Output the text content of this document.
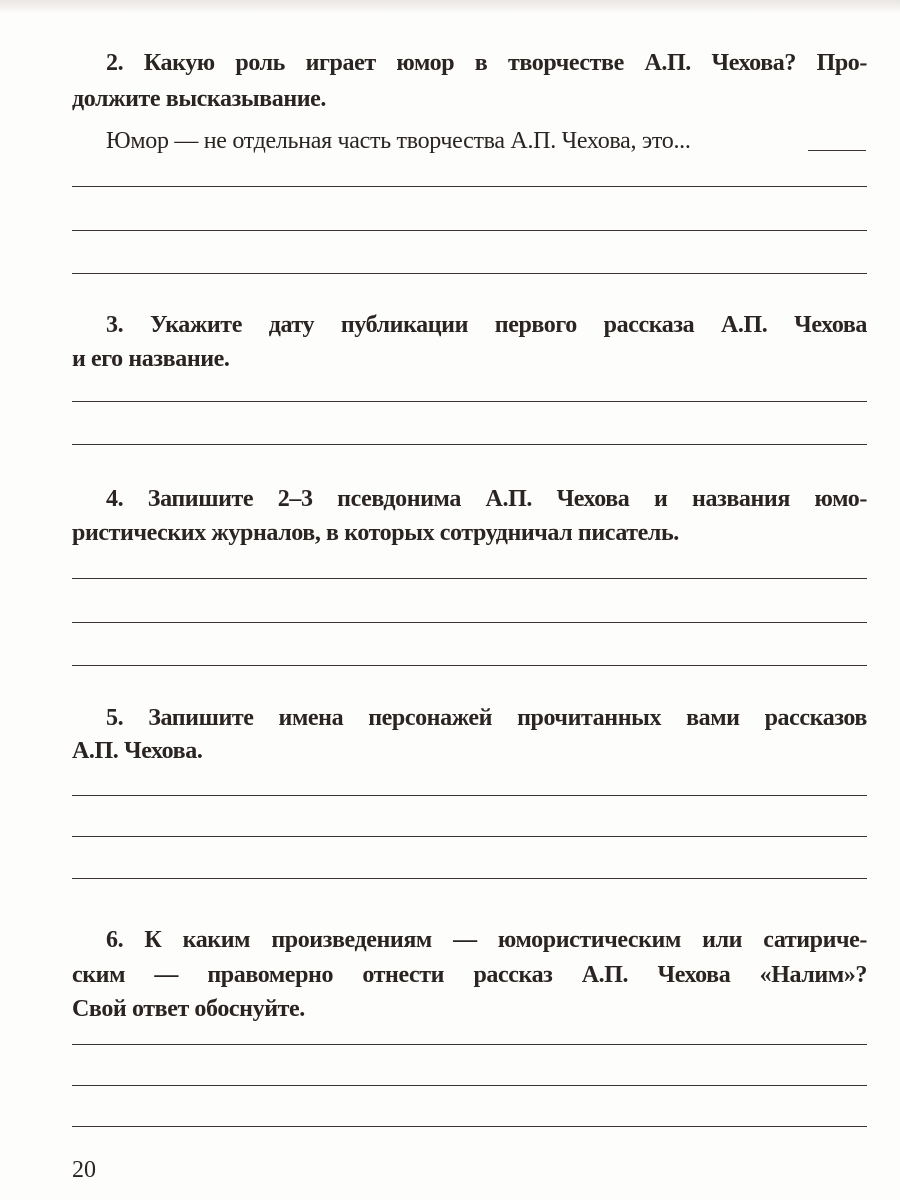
2. Какую роль играет юмор в творчестве А.П. Чехова? Про-
должите высказывание.
Юмор — не отдельная часть творчества А.П. Чехова, это...
3. Укажите дату публикации первого рассказа А.П. Чехова
и его название.
4. Запишите 2–3 псевдонима А.П. Чехова и названия юмо-
ристических журналов, в которых сотрудничал писатель.
5. Запишите имена персонажей прочитанных вами рассказов
А.П. Чехова.
6. К каким произведениям — юмористическим или сатириче-
ским — правомерно отнести рассказ А.П. Чехова «Налим»?
Свой ответ обоснуйте.
20
